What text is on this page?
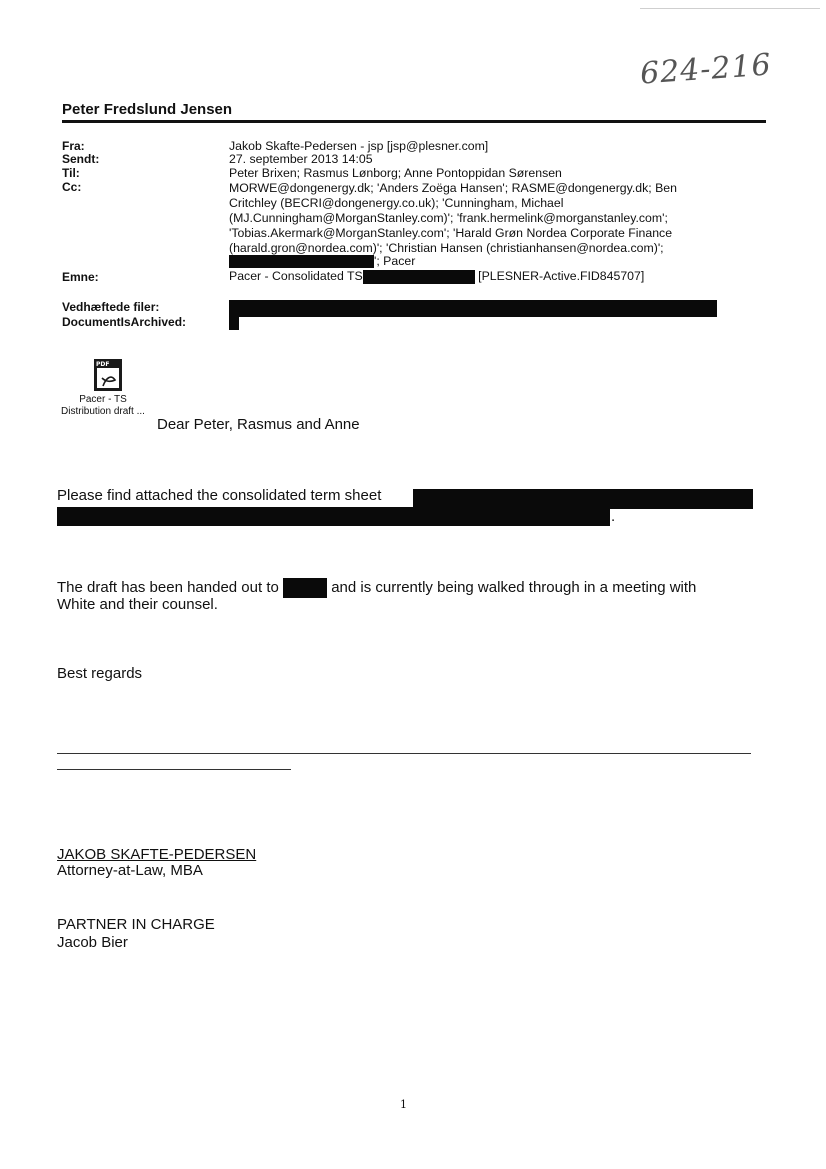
624-216
Peter Fredslund Jensen
Fra:
Sendt:
Til:
Cc:
Emne:
Vedhæftede filer:
DocumentIsArchived:
Jakob Skafte-Pedersen - jsp [jsp@plesner.com]
27. september 2013 14:05
Peter Brixen; Rasmus Lønborg; Anne Pontoppidan Sørensen
MORWE@dongenergy.dk; 'Anders Zoëga Hansen'; RASME@dongenergy.dk; Ben
Critchley (BECRI@dongenergy.co.uk); 'Cunningham, Michael
(MJ.Cunningham@MorganStanley.com)'; 'frank.hermelink@morganstanley.com';
'Tobias.Akermark@MorganStanley.com'; 'Harald Grøn Nordea Corporate Finance
(harald.gron@nordea.com)'; 'Christian Hansen (christianhansen@nordea.com)';
'; Pacer
Pacer - Consolidated TS	[PLESNER-Active.FID845707]
PDF
Pacer - TS
Distribution draft ...
Dear Peter, Rasmus and Anne
Please find attached the consolidated term sheet
.
The draft has been handed out to	and is currently being walked through in a meeting with
White and their counsel.
Best regards
JAKOB SKAFTE-PEDERSEN
Attorney-at-Law, MBA
PARTNER IN CHARGE
Jacob Bier
1
